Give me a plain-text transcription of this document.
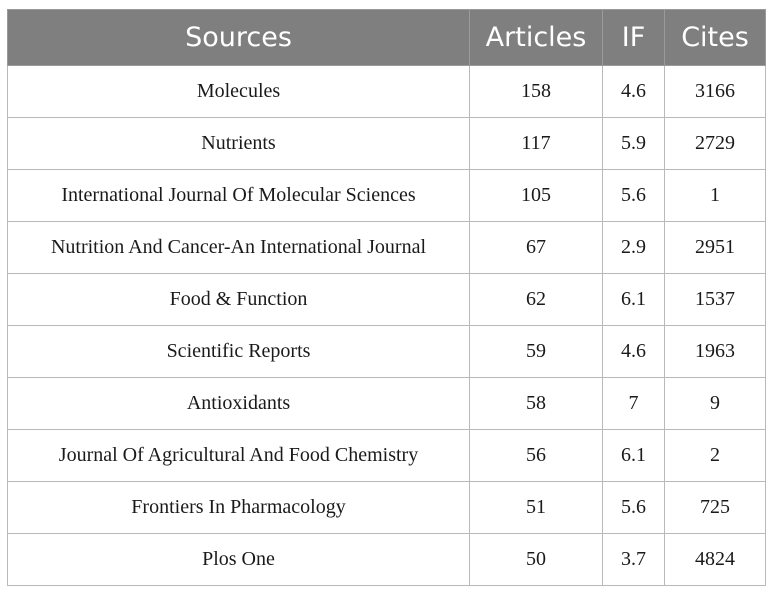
Sources	Articles	IF	Cites
Molecules	158	4.6	3166
Nutrients	117	5.9	2729
International Journal Of Molecular Sciences	105	5.6	1
Nutrition And Cancer-An International Journal	67	2.9	2951
Food & Function	62	6.1	1537
Scientific Reports	59	4.6	1963
Antioxidants	58	7	9
Journal Of Agricultural And Food Chemistry	56	6.1	2
Frontiers In Pharmacology	51	5.6	725
Plos One	50	3.7	4824
